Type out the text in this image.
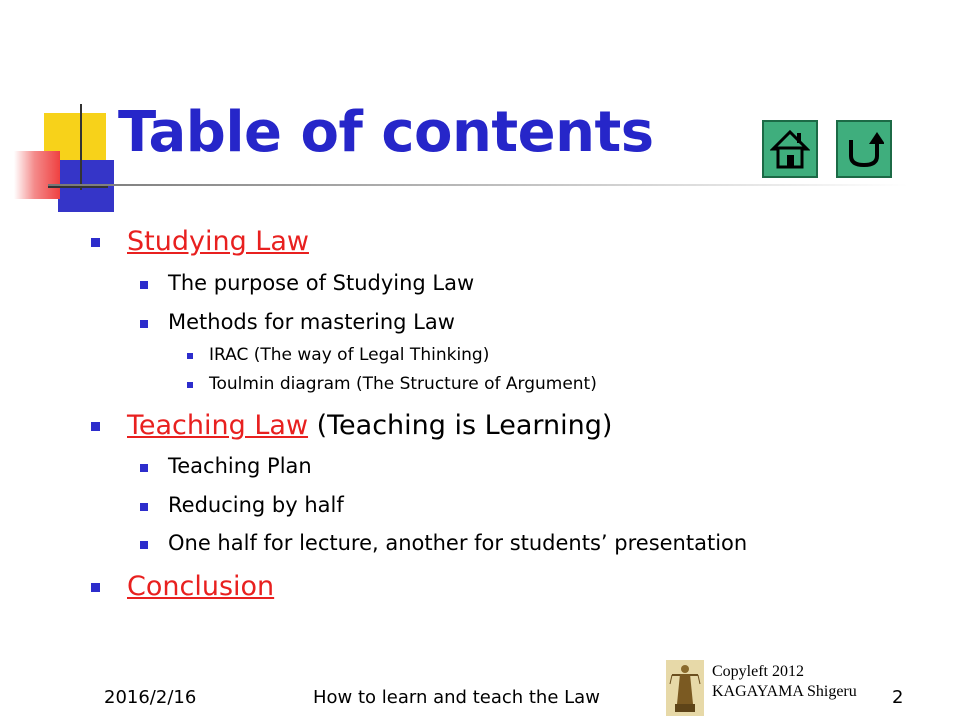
Table of contents
Studying Law
The purpose of Studying Law
Methods for mastering Law
IRAC (The way of Legal Thinking)
Toulmin diagram (The Structure of Argument)
Teaching Law (Teaching is Learning)
Teaching Plan
Reducing by half
One half for lecture, another for students’ presentation
Conclusion
2016/2/16	How to learn and teach the Law	2
Copyleft 2012
KAGAYAMA Shigeru
